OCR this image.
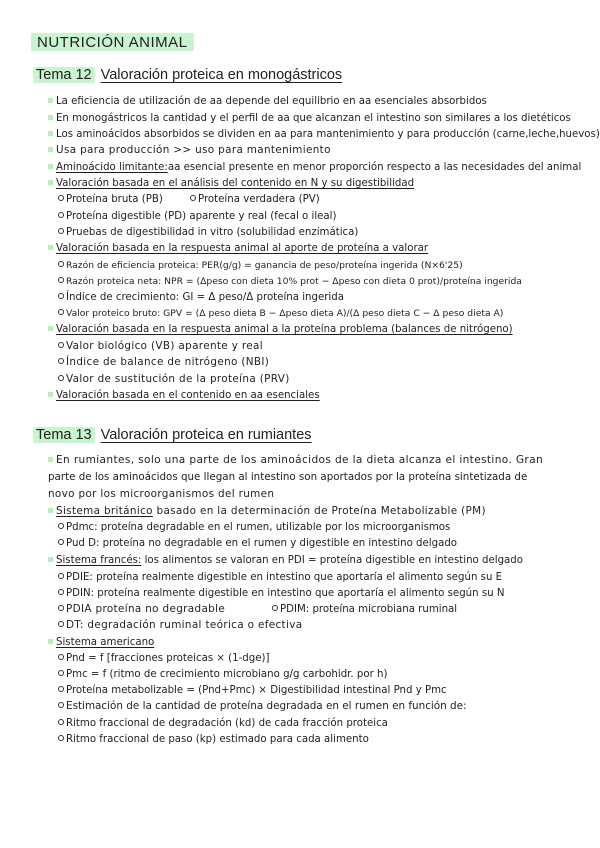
NUTRICIÓN ANIMAL
Tema 12 Valoración proteica en monogástricos
La eficiencia de utilización de aa depende del equilibrio en aa esenciales absorbidos
En monogástricos la cantidad y el perfil de aa que alcanzan el intestino son similares a los dietéticos
Los aminoácidos absorbidos se dividen en aa para mantenimiento y para producción (carne,leche,huevos)
Usa para producción >> uso para mantenimiento
Aminoácido limitante:aa esencial presente en menor proporción respecto a las necesidades del animal
Valoración basada en el análisis del contenido en N y su digestibilidad
Proteína bruta (PB)	Proteína verdadera (PV)
Proteína digestible (PD) aparente y real (fecal o ileal)
Pruebas de digestibilidad in vitro (solubilidad enzimática)
Valoración basada en la respuesta animal al aporte de proteína a valorar
Razón de eficiencia proteica: PER(g/g) = ganancia de peso/proteína ingerida (N×6'25)
Razón proteica neta: NPR = (Δpeso con dieta 10% prot − Δpeso con dieta 0 prot)/proteína ingerida
Índice de crecimiento: GI = Δ peso/Δ proteína ingerida
Valor proteico bruto: GPV = (Δ peso dieta B − Δpeso dieta A)/(Δ peso dieta C − Δ peso dieta A)
Valoración basada en la respuesta animal a la proteína problema (balances de nitrógeno)
Valor biológico (VB) aparente y real
Índice de balance de nitrógeno (NBI)
Valor de sustitución de la proteína (PRV)
Valoración basada en el contenido en aa esenciales
Tema 13 Valoración proteica en rumiantes
En rumiantes, solo una parte de los aminoácidos de la dieta alcanza el intestino. Gran
parte de los aminoácidos que llegan al intestino son aportados por la proteína sintetizada de
novo por los microorganismos del rumen
Sistema británico basado en la determinación de Proteína Metabolizable (PM)
Pdmc: proteína degradable en el rumen, utilizable por los microorganismos
Pud D: proteína no degradable en el rumen y digestible en intestino delgado
Sistema francés: los alimentos se valoran en PDI = proteína digestible en intestino delgado
PDIE: proteína realmente digestible en intestino que aportaría el alimento según su E
PDIN: proteína realmente digestible en intestino que aportaría el alimento según su N
PDIA proteína no degradable	PDIM: proteína microbiana ruminal
DT: degradación ruminal teórica o efectiva
Sistema americano
Pnd = f [fracciones proteicas × (1-dge)]
Pmc = f (ritmo de crecimiento microbiano g/g carbohidr. por h)
Proteína metabolizable = (Pnd+Pmc) × Digestibilidad intestinal Pnd y Pmc
Estimación de la cantidad de proteína degradada en el rumen en función de:
Ritmo fraccional de degradación (kd) de cada fracción proteica
Ritmo fraccional de paso (kp) estimado para cada alimento
